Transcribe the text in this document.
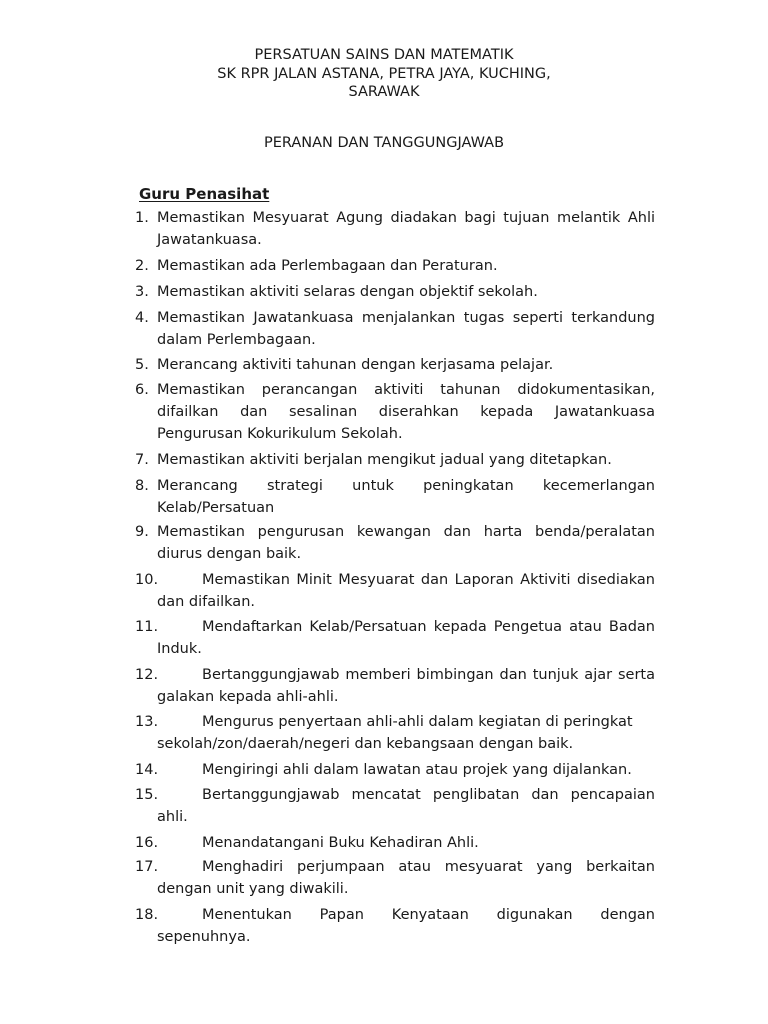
PERSATUAN SAINS DAN MATEMATIK
SK RPR JALAN ASTANA, PETRA JAYA, KUCHING,
SARAWAK
PERANAN DAN TANGGUNGJAWAB
Guru Penasihat
1. Memastikan Mesyuarat Agung diadakan bagi tujuan melantik Ahli Jawatankuasa.
2. Memastikan ada Perlembagaan dan Peraturan.
3. Memastikan aktiviti selaras dengan objektif sekolah.
4. Memastikan Jawatankuasa menjalankan tugas seperti terkandung dalam Perlembagaan.
5. Merancang aktiviti tahunan dengan kerjasama pelajar.
6. Memastikan perancangan aktiviti tahunan didokumentasikan, difailkan dan sesalinan diserahkan kepada Jawatankuasa Pengurusan Kokurikulum Sekolah.
7. Memastikan aktiviti berjalan mengikut jadual yang ditetapkan.
8. Merancang strategi untuk peningkatan kecemerlangan Kelab/Persatuan
9. Memastikan pengurusan kewangan dan harta benda/peralatan diurus dengan baik.
10.	Memastikan Minit Mesyuarat dan Laporan Aktiviti disediakan dan difailkan.
11.	Mendaftarkan Kelab/Persatuan kepada Pengetua atau Badan Induk.
12.	Bertanggungjawab memberi bimbingan dan tunjuk ajar serta galakan kepada ahli-ahli.
13.	Mengurus penyertaan ahli-ahli dalam kegiatan di peringkat sekolah/zon/daerah/negeri dan kebangsaan dengan baik.
14.	Mengiringi ahli dalam lawatan atau projek yang dijalankan.
15.	Bertanggungjawab mencatat penglibatan dan pencapaian ahli.
16.	Menandatangani Buku Kehadiran Ahli.
17.	Menghadiri perjumpaan atau mesyuarat yang berkaitan dengan unit yang diwakili.
18.	Menentukan Papan Kenyataan digunakan dengan sepenuhnya.
